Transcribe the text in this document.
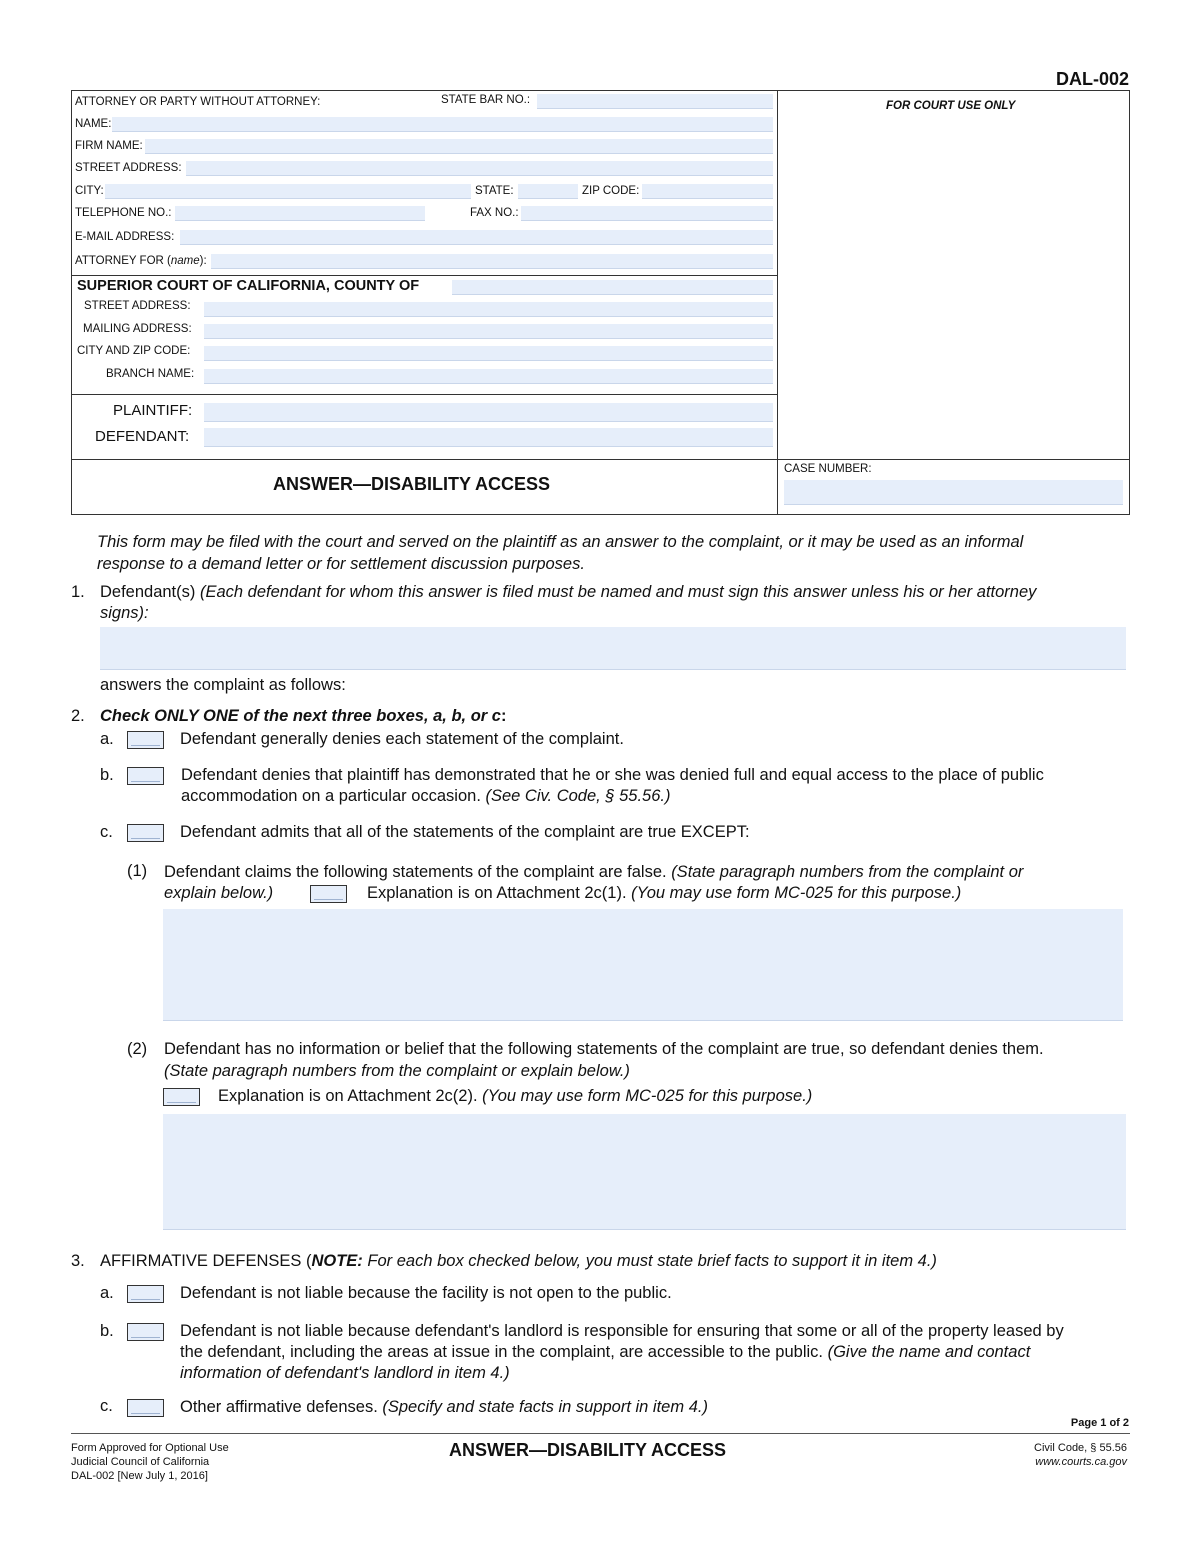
DAL-002
ATTORNEY OR PARTY WITHOUT ATTORNEY:	STATE BAR NO.:
NAME:
FIRM NAME:
STREET ADDRESS:
CITY:	STATE:	ZIP CODE:
TELEPHONE NO.:	FAX NO.:
E-MAIL ADDRESS:
ATTORNEY FOR (name):
FOR COURT USE ONLY
SUPERIOR COURT OF CALIFORNIA, COUNTY OF
STREET ADDRESS:
MAILING ADDRESS:
CITY AND ZIP CODE:
BRANCH NAME:
PLAINTIFF:
DEFENDANT:
ANSWER—DISABILITY ACCESS
CASE NUMBER:
This form may be filed with the court and served on the plaintiff as an answer to the complaint, or it may be used as an informal
response to a demand letter or for settlement discussion purposes.
1. Defendant(s) (Each defendant for whom this answer is filed must be named and must sign this answer unless his or her attorney
signs):
answers the complaint as follows:
2. Check ONLY ONE of the next three boxes, a, b, or c:
a.	Defendant generally denies each statement of the complaint.
b.	Defendant denies that plaintiff has demonstrated that he or she was denied full and equal access to the place of public
accommodation on a particular occasion. (See Civ. Code, § 55.56.)
c.	Defendant admits that all of the statements of the complaint are true EXCEPT:
(1) Defendant claims the following statements of the complaint are false. (State paragraph numbers from the complaint or
explain below.)	Explanation is on Attachment 2c(1). (You may use form MC-025 for this purpose.)
(2) Defendant has no information or belief that the following statements of the complaint are true, so defendant denies them.
(State paragraph numbers from the complaint or explain below.)
Explanation is on Attachment 2c(2). (You may use form MC-025 for this purpose.)
3. AFFIRMATIVE DEFENSES (NOTE: For each box checked below, you must state brief facts to support it in item 4.)
a.	Defendant is not liable because the facility is not open to the public.
b.	Defendant is not liable because defendant's landlord is responsible for ensuring that some or all of the property leased by
the defendant, including the areas at issue in the complaint, are accessible to the public. (Give the name and contact
information of defendant's landlord in item 4.)
c.	Other affirmative defenses. (Specify and state facts in support in item 4.)
Page 1 of 2
Form Approved for Optional Use
Judicial Council of California
DAL-002 [New July 1, 2016]
ANSWER—DISABILITY ACCESS	Civil Code, § 55.56
www.courts.ca.gov
